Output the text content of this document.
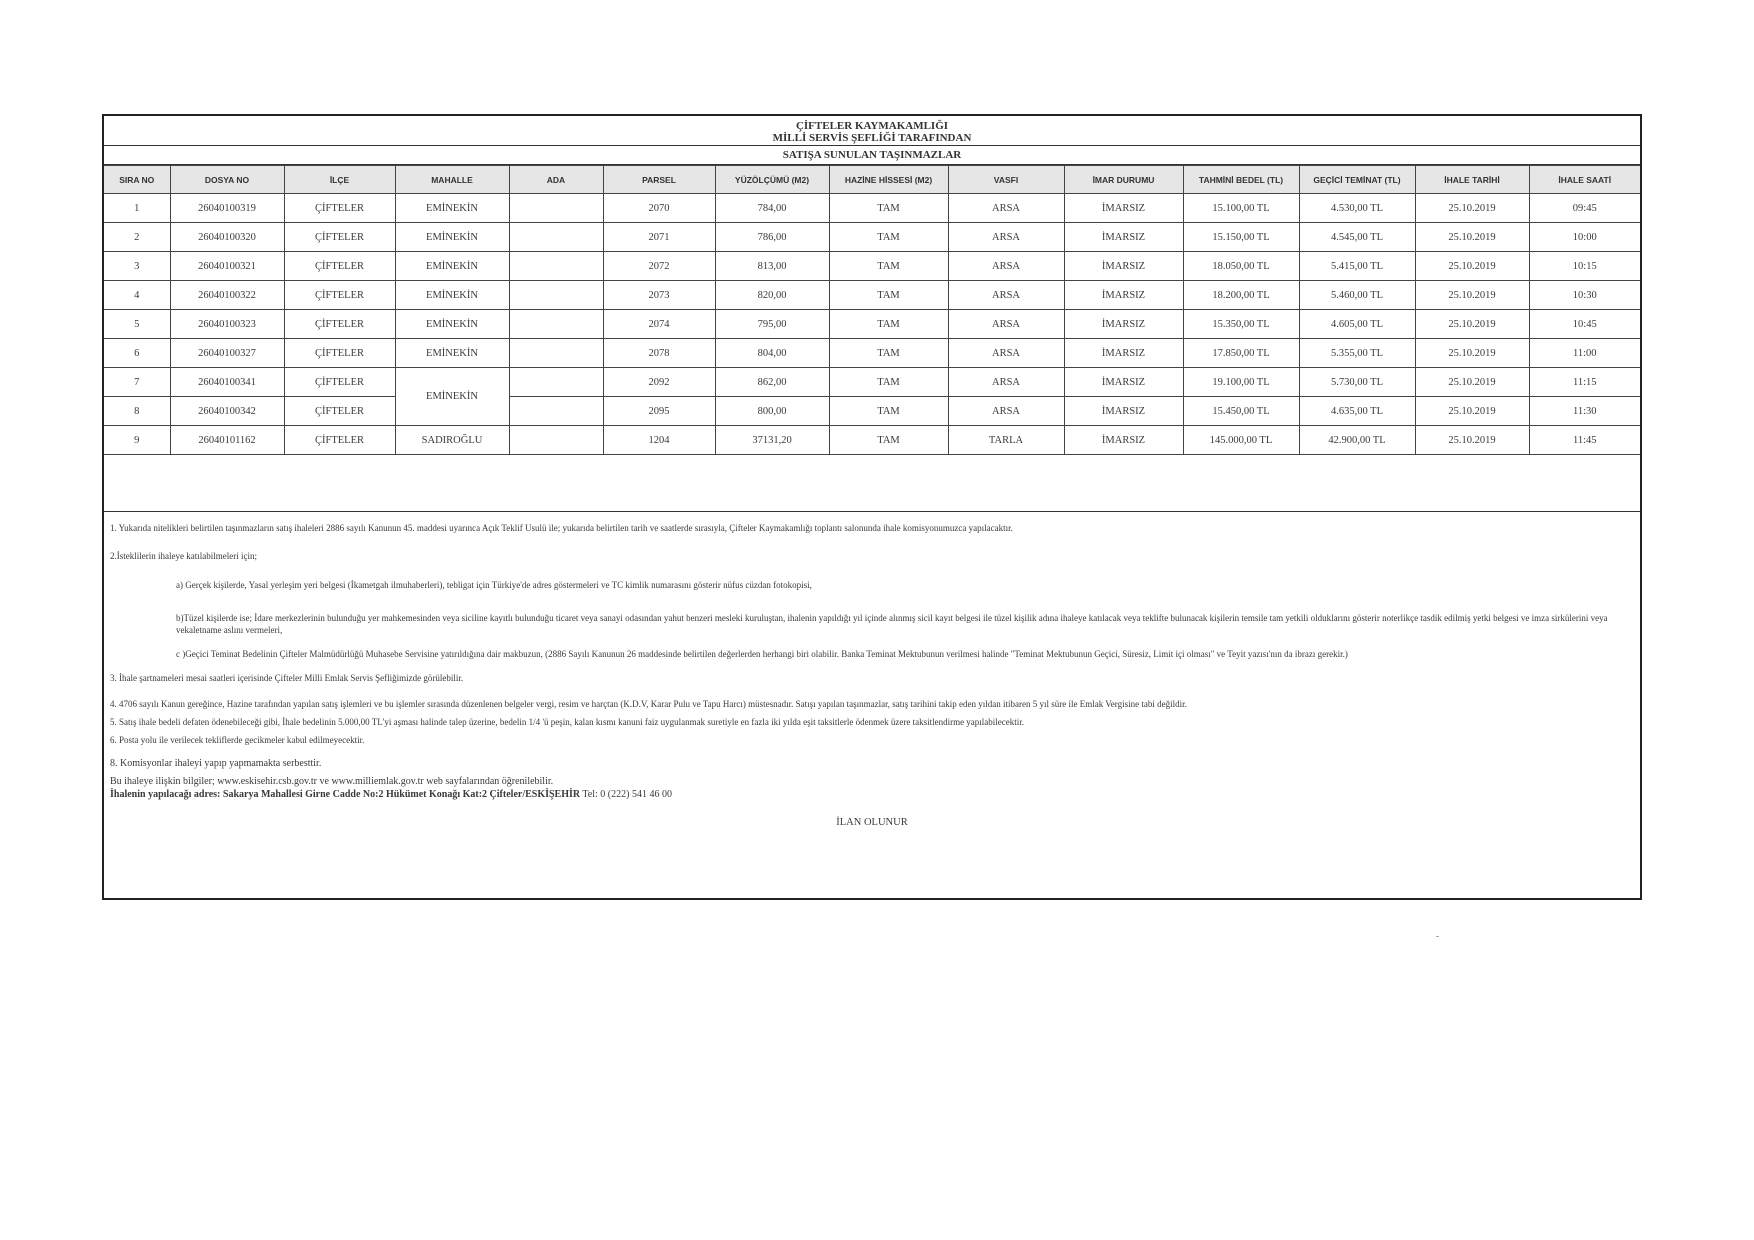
ÇİFTELER KAYMAKAMLIĞI
MİLLİ SERVİS ŞEFLİĞİ TARAFINDAN
SATIŞA SUNULAN TAŞINMAZLAR
SIRA NO	DOSYA NO	İLÇE	MAHALLE	ADA	PARSEL	YÜZÖLÇÜMÜ (M2)	HAZİNE HİSSESİ (M2)	VASFI	İMAR DURUMU	TAHMİNİ BEDEL (TL)	GEÇİCİ TEMİNAT (TL)	İHALE TARİHİ	İHALE SAATİ
1	26040100319	ÇİFTELER	EMİNEKİN		2070	784,00	TAM	ARSA	İMARSIZ	15.100,00 TL	4.530,00 TL	25.10.2019	09:45
2	26040100320	ÇİFTELER	EMİNEKİN		2071	786,00	TAM	ARSA	İMARSIZ	15.150,00 TL	4.545,00 TL	25.10.2019	10:00
3	26040100321	ÇİFTELER	EMİNEKİN		2072	813,00	TAM	ARSA	İMARSIZ	18.050,00 TL	5.415,00 TL	25.10.2019	10:15
4	26040100322	ÇİFTELER	EMİNEKİN		2073	820,00	TAM	ARSA	İMARSIZ	18.200,00 TL	5.460,00 TL	25.10.2019	10:30
5	26040100323	ÇİFTELER	EMİNEKİN		2074	795,00	TAM	ARSA	İMARSIZ	15.350,00 TL	4.605,00 TL	25.10.2019	10:45
6	26040100327	ÇİFTELER	EMİNEKİN		2078	804,00	TAM	ARSA	İMARSIZ	17.850,00 TL	5.355,00 TL	25.10.2019	11:00
7	26040100341	ÇİFTELER	EMİNEKİN		2092	862,00	TAM	ARSA	İMARSIZ	19.100,00 TL	5.730,00 TL	25.10.2019	11:15
8	26040100342	ÇİFTELER			2095	800,00	TAM	ARSA	İMARSIZ	15.450,00 TL	4.635,00 TL	25.10.2019	11:30
9	26040101162	ÇİFTELER	SADIROĞLU		1204	37131,20	TAM	TARLA	İMARSIZ	145.000,00 TL	42.900,00 TL	25.10.2019	11:45

1. Yukarıda nitelikleri belirtilen taşınmazların satış ihaleleri 2886 sayılı Kanunun 45. maddesi uyarınca Açık Teklif Usulü ile; yukarıda belirtilen tarih ve saatlerde sırasıyla, Çifteler Kaymakamlığı toplantı salonunda ihale komisyonumuzca yapılacaktır.

2.İsteklilerin ihaleye katılabilmeleri için;

a) Gerçek kişilerde, Yasal yerleşim yeri belgesi (İkametgah ilmuhaberleri), tebligat için Türkiye'de adres göstermeleri ve TC kimlik numarasını gösterir nüfus cüzdan fotokopisi,

b)Tüzel kişilerde ise; İdare merkezlerinin bulunduğu yer mahkemesinden veya siciline kayıtlı bulunduğu ticaret veya sanayi odasından yahut benzeri mesleki kuruluştan, ihalenin yapıldığı yıl içinde alınmış sicil kayıt belgesi ile tüzel kişilik adına ihaleye katılacak veya teklifte bulunacak kişilerin temsile tam yetkili olduklarını gösterir noterlikçe tasdik edilmiş yetki belgesi ve imza sirkülerini veya vekaletname aslını vermeleri,

c )Geçici Teminat Bedelinin Çifteler Malmüdürlüğü Muhasebe Servisine yatırıldığına dair makbuzun, (2886 Sayılı Kanunun 26 maddesinde belirtilen değerlerden herhangi biri olabilir. Banka Teminat Mektubunun verilmesi halinde "Teminat Mektubunun Geçici, Süresiz, Limit içi olması" ve Teyit yazısı'nın da ibrazı gerekir.)

3. İhale şartnameleri mesai saatleri içerisinde Çifteler Milli Emlak Servis Şefliğimizde görülebilir.

4. 4706 sayılı Kanun gereğince, Hazine tarafından yapılan satış işlemleri ve bu işlemler sırasında düzenlenen belgeler vergi, resim ve harçtan (K.D.V, Karar Pulu ve Tapu Harcı) müstesnadır. Satışı yapılan taşınmazlar, satış tarihini takip eden yıldan itibaren 5 yıl süre ile Emlak Vergisine tabi değildir.

5. Satış ihale bedeli defaten ödenebileceği gibi, İhale bedelinin 5.000,00 TL'yi aşması halinde talep üzerine, bedelin 1/4 'ü peşin, kalan kısmı kanuni faiz uygulanmak suretiyle en fazla iki yılda eşit taksitlerle ödenmek üzere taksitlendirme yapılabilecektir.

6. Posta yolu ile verilecek tekliflerde gecikmeler kabul edilmeyecektir.

8. Komisyonlar ihaleyi yapıp yapmamakta serbesttir.

Bu ihaleye ilişkin bilgiler; www.eskisehir.csb.gov.tr ve www.milliemlak.gov.tr web sayfalarından öğrenilebilir.

İhalenin yapılacağı adres: Sakarya Mahallesi Girne Cadde No:2 Hükümet Konağı Kat:2 Çifteler/ESKİŞEHİR Tel: 0 (222) 541 46 00

İLAN OLUNUR
